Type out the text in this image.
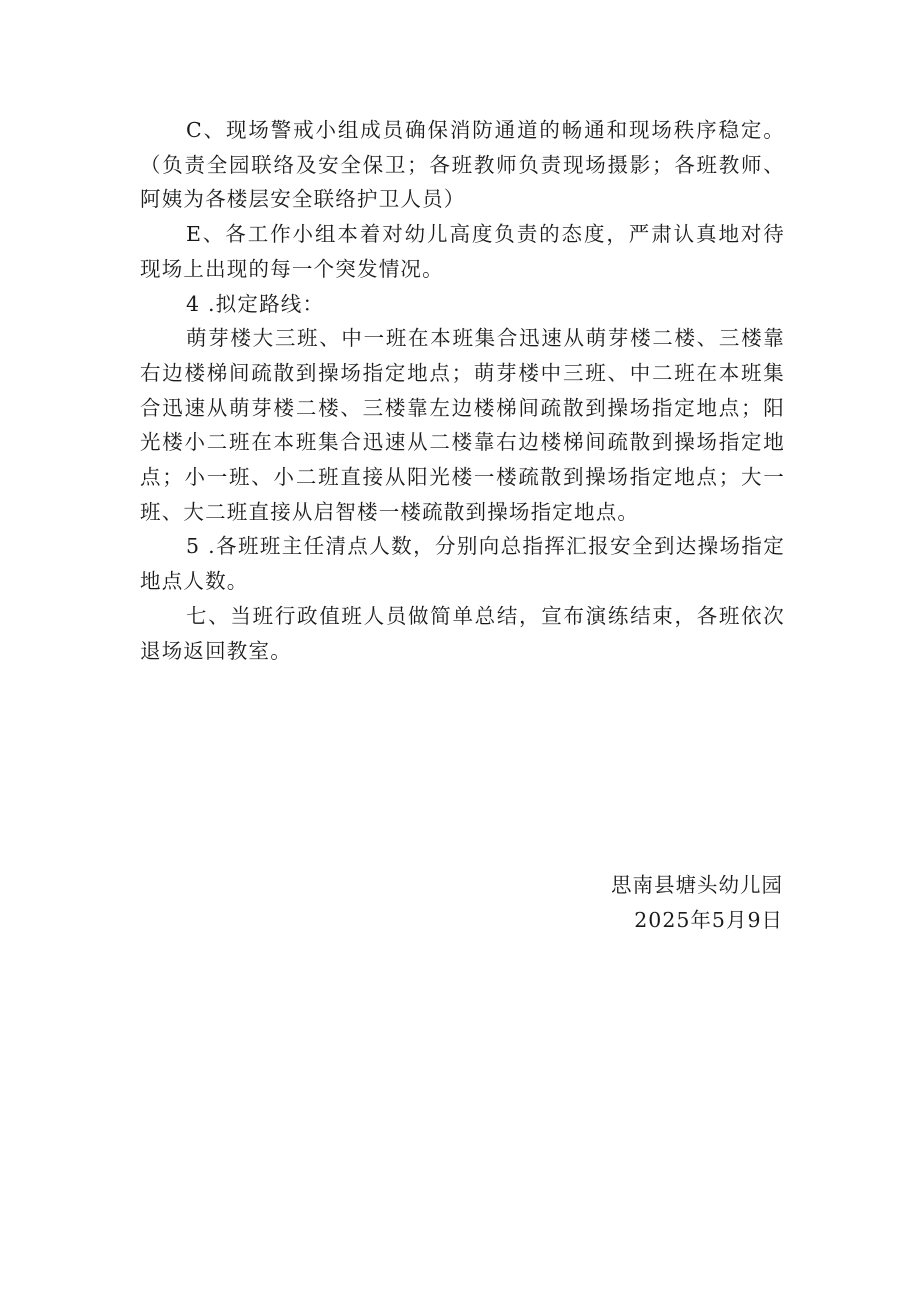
C、现场警戒小组成员确保消防通道的畅通和现场秩序稳定。（负责全园联络及安全保卫；各班教师负责现场摄影；各班教师、阿姨为各楼层安全联络护卫人员）

E、各工作小组本着对幼儿高度负责的态度，严肃认真地对待现场上出现的每一个突发情况。

4 .拟定路线：

萌芽楼大三班、中一班在本班集合迅速从萌芽楼二楼、三楼靠右边楼梯间疏散到操场指定地点；萌芽楼中三班、中二班在本班集合迅速从萌芽楼二楼、三楼靠左边楼梯间疏散到操场指定地点；阳光楼小二班在本班集合迅速从二楼靠右边楼梯间疏散到操场指定地点；小一班、小二班直接从阳光楼一楼疏散到操场指定地点；大一班、大二班直接从启智楼一楼疏散到操场指定地点。

5 .各班班主任清点人数，分别向总指挥汇报安全到达操场指定地点人数。

七、当班行政值班人员做简单总结，宣布演练结束，各班依次退场返回教室。

思南县塘头幼儿园
2025年5月9日
